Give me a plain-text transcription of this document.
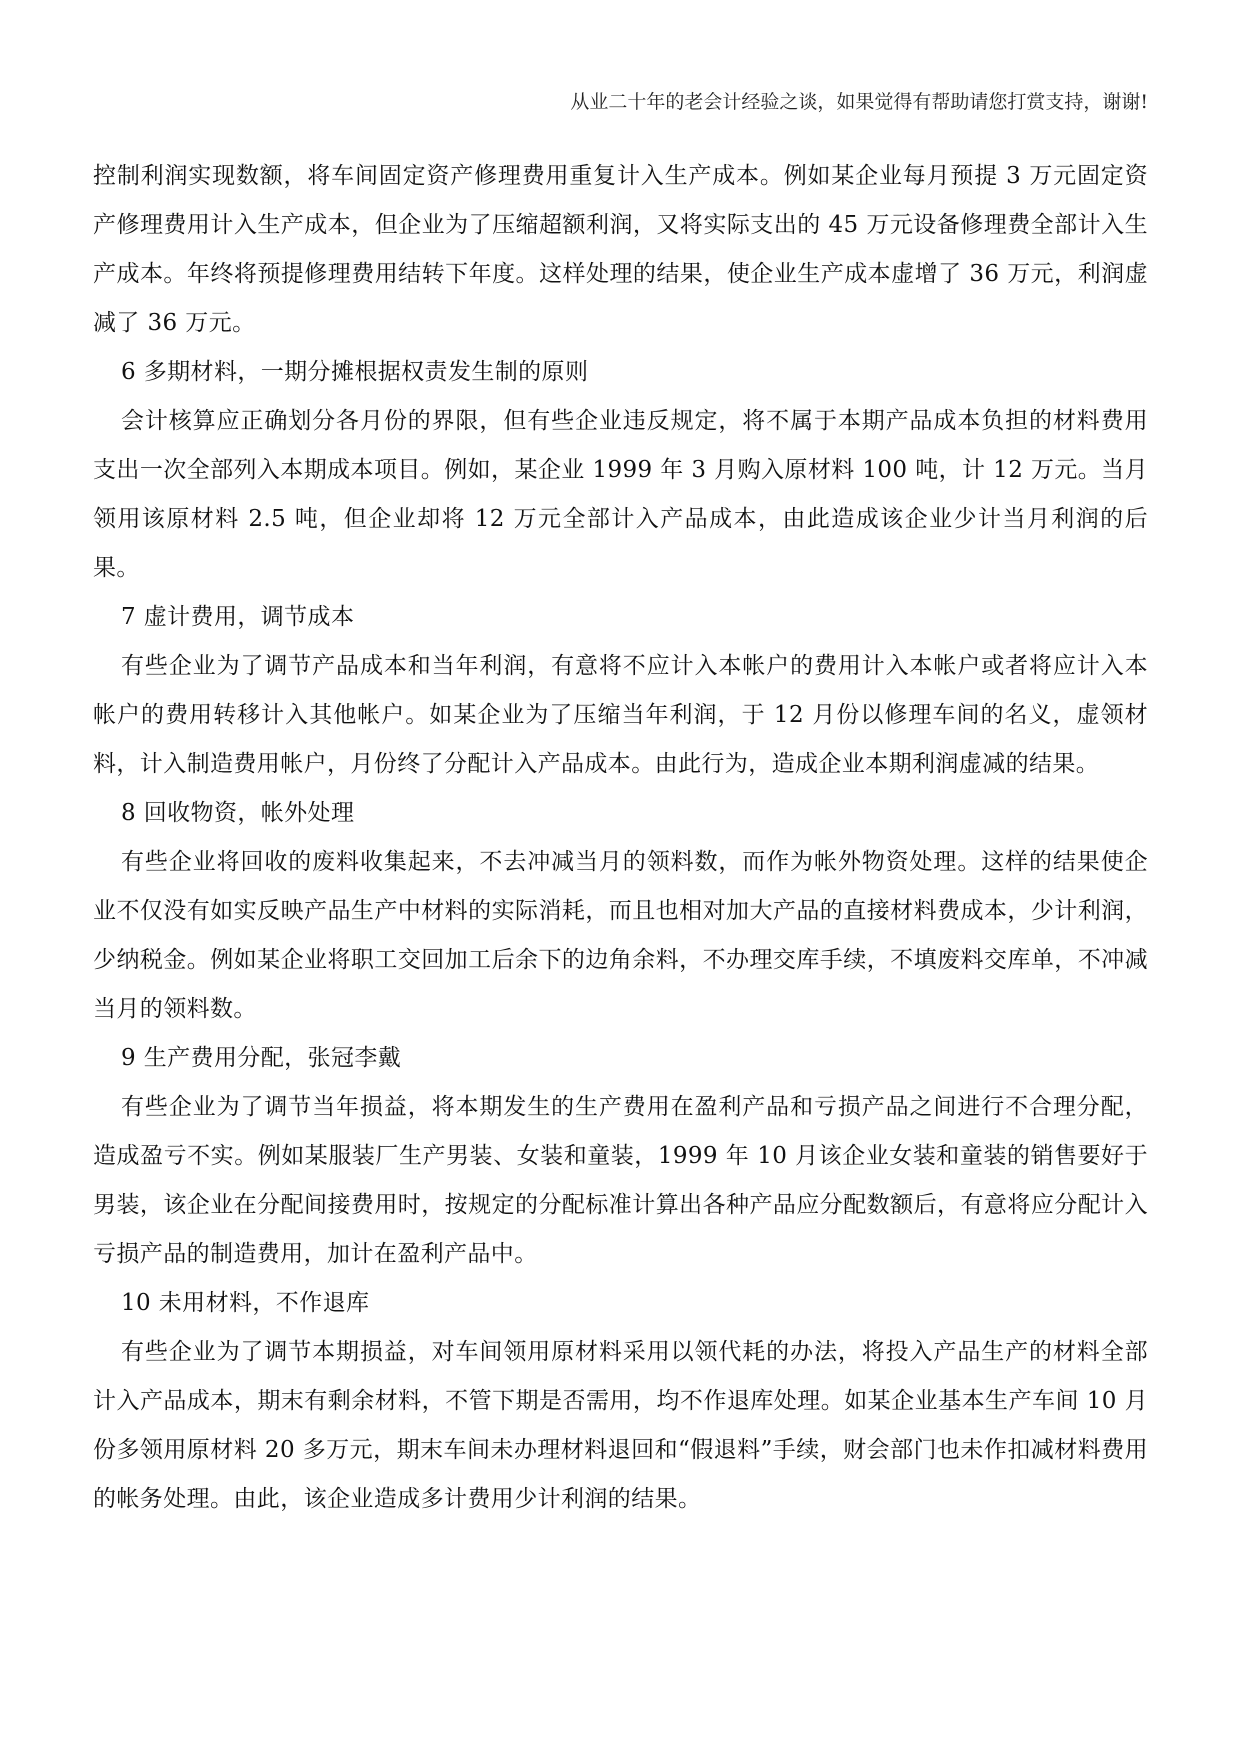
从业二十年的老会计经验之谈，如果觉得有帮助请您打赏支持，谢谢!

控制利润实现数额，将车间固定资产修理费用重复计入生产成本。例如某企业每月预提 3 万元固定资产修理费用计入生产成本，但企业为了压缩超额利润，又将实际支出的 45 万元设备修理费全部计入生产成本。年终将预提修理费用结转下年度。这样处理的结果，使企业生产成本虚增了 36 万元，利润虚减了 36 万元。

6 多期材料，一期分摊根据权责发生制的原则

会计核算应正确划分各月份的界限，但有些企业违反规定，将不属于本期产品成本负担的材料费用支出一次全部列入本期成本项目。例如，某企业 1999 年 3 月购入原材料 100 吨，计 12 万元。当月领用该原材料 2.5 吨，但企业却将 12 万元全部计入产品成本，由此造成该企业少计当月利润的后果。

7 虚计费用，调节成本

有些企业为了调节产品成本和当年利润，有意将不应计入本帐户的费用计入本帐户或者将应计入本帐户的费用转移计入其他帐户。如某企业为了压缩当年利润，于 12 月份以修理车间的名义，虚领材料，计入制造费用帐户，月份终了分配计入产品成本。由此行为，造成企业本期利润虚减的结果。

8 回收物资，帐外处理

有些企业将回收的废料收集起来，不去冲减当月的领料数，而作为帐外物资处理。这样的结果使企业不仅没有如实反映产品生产中材料的实际消耗，而且也相对加大产品的直接材料费成本，少计利润，少纳税金。例如某企业将职工交回加工后余下的边角余料，不办理交库手续，不填废料交库单，不冲减当月的领料数。

9 生产费用分配，张冠李戴

有些企业为了调节当年损益，将本期发生的生产费用在盈利产品和亏损产品之间进行不合理分配，造成盈亏不实。例如某服装厂生产男装、女装和童装，1999 年 10 月该企业女装和童装的销售要好于男装，该企业在分配间接费用时，按规定的分配标准计算出各种产品应分配数额后，有意将应分配计入亏损产品的制造费用，加计在盈利产品中。

10 未用材料，不作退库

有些企业为了调节本期损益，对车间领用原材料采用以领代耗的办法，将投入产品生产的材料全部计入产品成本，期末有剩余材料，不管下期是否需用，均不作退库处理。如某企业基本生产车间 10 月份多领用原材料 20 多万元，期末车间未办理材料退回和“假退料”手续，财会部门也未作扣减材料费用的帐务处理。由此，该企业造成多计费用少计利润的结果。
